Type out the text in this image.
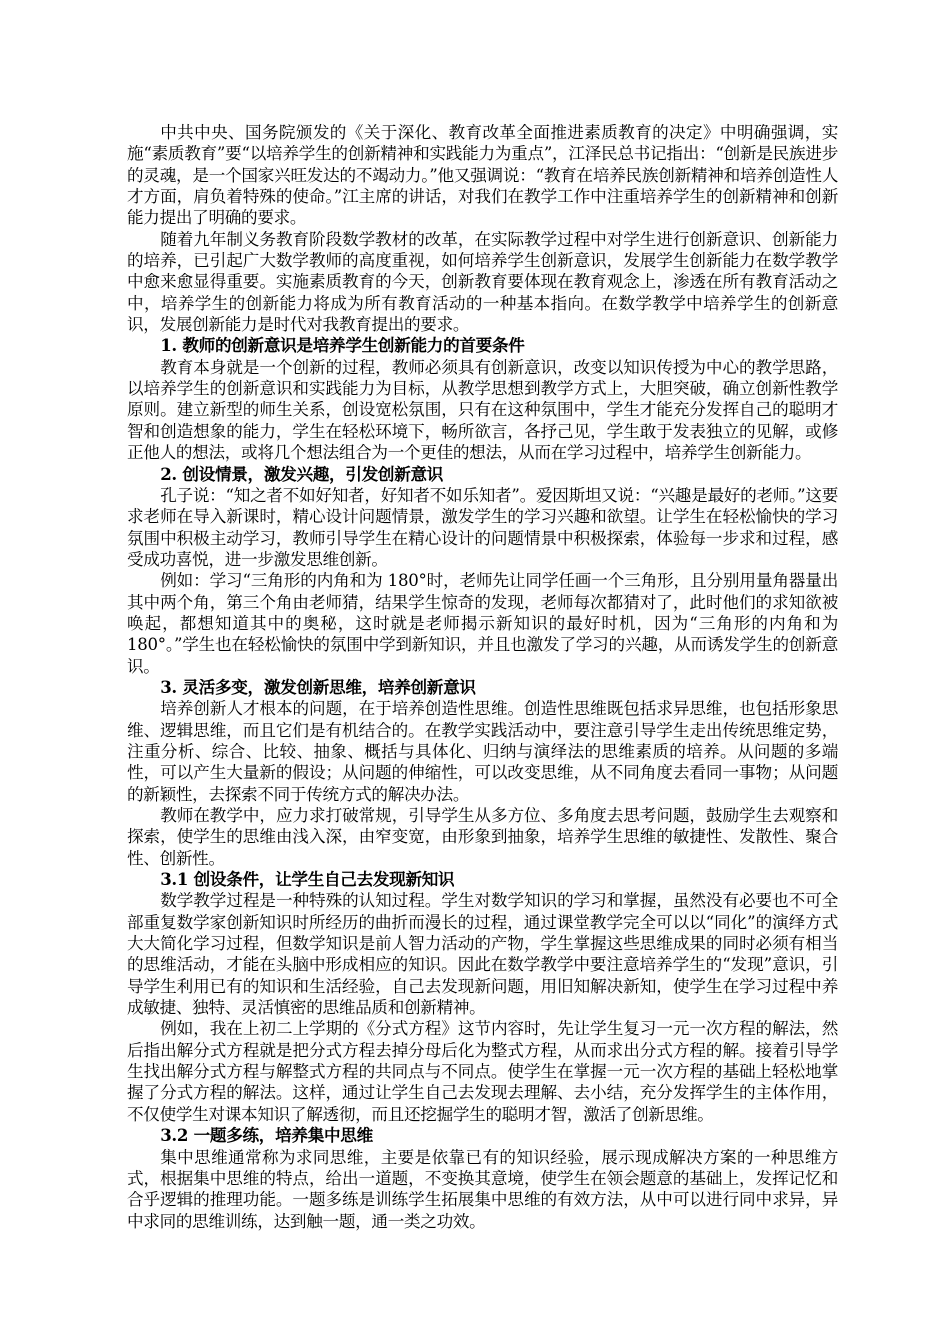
中共中央、国务院颁发的《关于深化、教育改革全面推进素质教育的决定》中明确强调，实施“素质教育”要“以培养学生的创新精神和实践能力为重点”，江泽民总书记指出：“创新是民族进步的灵魂，是一个国家兴旺发达的不竭动力。”他又强调说：“教育在培养民族创新精神和培养创造性人才方面，肩负着特殊的使命。”江主席的讲话，对我们在教学工作中注重培养学生的创新精神和创新能力提出了明确的要求。

随着九年制义务教育阶段数学教材的改革，在实际教学过程中对学生进行创新意识、创新能力的培养，已引起广大数学教师的高度重视，如何培养学生创新意识，发展学生创新能力在数学教学中愈来愈显得重要。实施素质教育的今天，创新教育要体现在教育观念上，渗透在所有教育活动之中，培养学生的创新能力将成为所有教育活动的一种基本指向。在数学教学中培养学生的创新意识，发展创新能力是时代对我教育提出的要求。

1. 教师的创新意识是培养学生创新能力的首要条件

教育本身就是一个创新的过程，教师必须具有创新意识，改变以知识传授为中心的教学思路，以培养学生的创新意识和实践能力为目标，从教学思想到教学方式上，大胆突破，确立创新性教学原则。建立新型的师生关系，创设宽松氛围，只有在这种氛围中，学生才能充分发挥自己的聪明才智和创造想象的能力，学生在轻松环境下，畅所欲言，各抒己见，学生敢于发表独立的见解，或修正他人的想法，或将几个想法组合为一个更佳的想法，从而在学习过程中，培养学生创新能力。

2. 创设情景，激发兴趣，引发创新意识

孔子说：“知之者不如好知者，好知者不如乐知者”。爱因斯坦又说：“兴趣是最好的老师。”这要求老师在导入新课时，精心设计问题情景，激发学生的学习兴趣和欲望。让学生在轻松愉快的学习氛围中积极主动学习，教师引导学生在精心设计的问题情景中积极探索，体验每一步求和过程，感受成功喜悦，进一步激发思维创新。

例如：学习“三角形的内角和为 180°时，老师先让同学任画一个三角形，且分别用量角器量出其中两个角，第三个角由老师猜，结果学生惊奇的发现，老师每次都猜对了，此时他们的求知欲被唤起，都想知道其中的奥秘，这时就是老师揭示新知识的最好时机，因为“三角形的内角和为 180°。”学生也在轻松愉快的氛围中学到新知识，并且也激发了学习的兴趣，从而诱发学生的创新意识。

3. 灵活多变，激发创新思维，培养创新意识

培养创新人才根本的问题，在于培养创造性思维。创造性思维既包括求异思维，也包括形象思维、逻辑思维，而且它们是有机结合的。在教学实践活动中，要注意引导学生走出传统思维定势，注重分析、综合、比较、抽象、概括与具体化、归纳与演绎法的思维素质的培养。从问题的多端性，可以产生大量新的假设；从问题的伸缩性，可以改变思维，从不同角度去看同一事物；从问题的新颖性，去探索不同于传统方式的解决办法。

教师在教学中，应力求打破常规，引导学生从多方位、多角度去思考问题，鼓励学生去观察和探索，使学生的思维由浅入深，由窄变宽，由形象到抽象，培养学生思维的敏捷性、发散性、聚合性、创新性。

3.1 创设条件，让学生自己去发现新知识

数学教学过程是一种特殊的认知过程。学生对数学知识的学习和掌握，虽然没有必要也不可全部重复数学家创新知识时所经历的曲折而漫长的过程，通过课堂教学完全可以以“同化”的演绎方式大大简化学习过程，但数学知识是前人智力活动的产物，学生掌握这些思维成果的同时必须有相当的思维活动，才能在头脑中形成相应的知识。因此在数学教学中要注意培养学生的“发现”意识，引导学生利用已有的知识和生活经验，自己去发现新问题，用旧知解决新知，使学生在学习过程中养成敏捷、独特、灵活慎密的思维品质和创新精神。

例如，我在上初二上学期的《分式方程》这节内容时，先让学生复习一元一次方程的解法，然后指出解分式方程就是把分式方程去掉分母后化为整式方程，从而求出分式方程的解。接着引导学生找出解分式方程与解整式方程的共同点与不同点。使学生在掌握一元一次方程的基础上轻松地掌握了分式方程的解法。这样，通过让学生自己去发现去理解、去小结，充分发挥学生的主体作用，不仅使学生对课本知识了解透彻，而且还挖掘学生的聪明才智，激活了创新思维。

3.2 一题多练，培养集中思维

集中思维通常称为求同思维，主要是依靠已有的知识经验，展示现成解决方案的一种思维方式，根据集中思维的特点，给出一道题，不变换其意境，使学生在领会题意的基础上，发挥记忆和合乎逻辑的推理功能。一题多练是训练学生拓展集中思维的有效方法，从中可以进行同中求异，异中求同的思维训练，达到触一题，通一类之功效。
